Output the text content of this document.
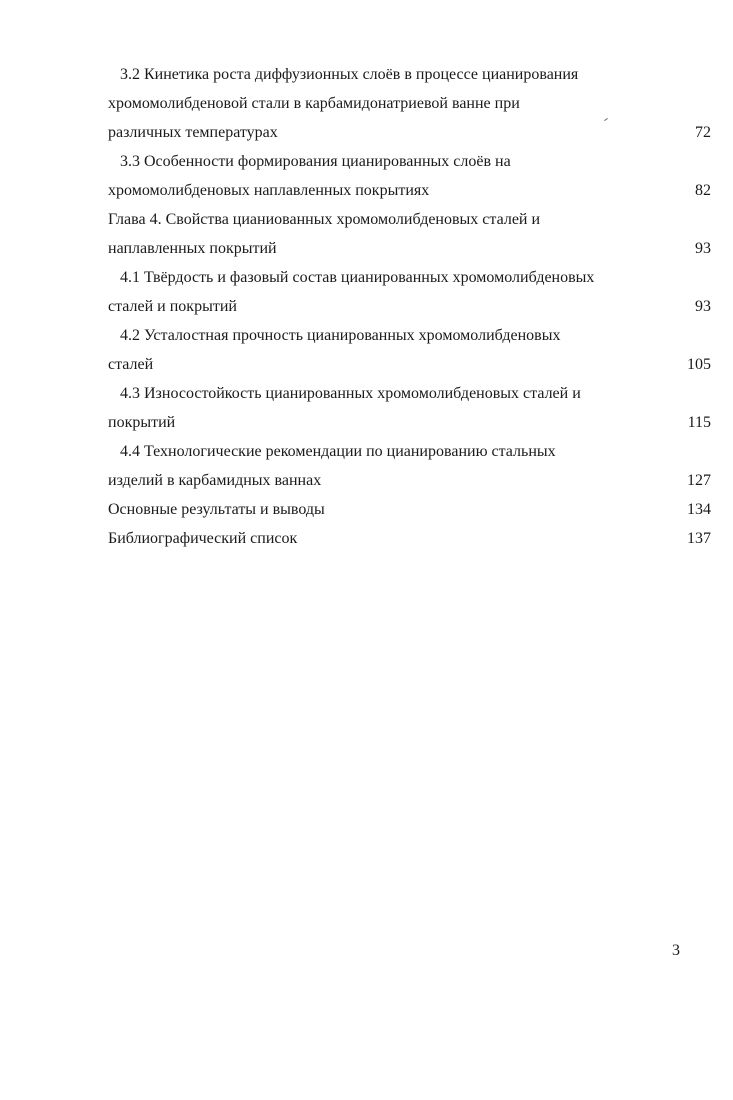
3.2 Кинетика роста диффузионных слоёв в процессе цианирования
хромомолибденовой стали в карбамидонатриевой ванне при
различных температурах	72
3.3 Особенности формирования цианированных слоёв на
хромомолибденовых наплавленных покрытиях	82
Глава 4. Свойства цианиованных хромомолибденовых сталей и
наплавленных покрытий	93
4.1 Твёрдость и фазовый состав цианированных хромомолибденовых
сталей и покрытий	93
4.2 Усталостная прочность цианированных хромомолибденовых
сталей	105
4.3 Износостойкость цианированных хромомолибденовых сталей и
покрытий	115
4.4 Технологические рекомендации по цианированию стальных
изделий в карбамидных ваннах	127
Основные результаты и выводы	134
Библиографический список	137
3
